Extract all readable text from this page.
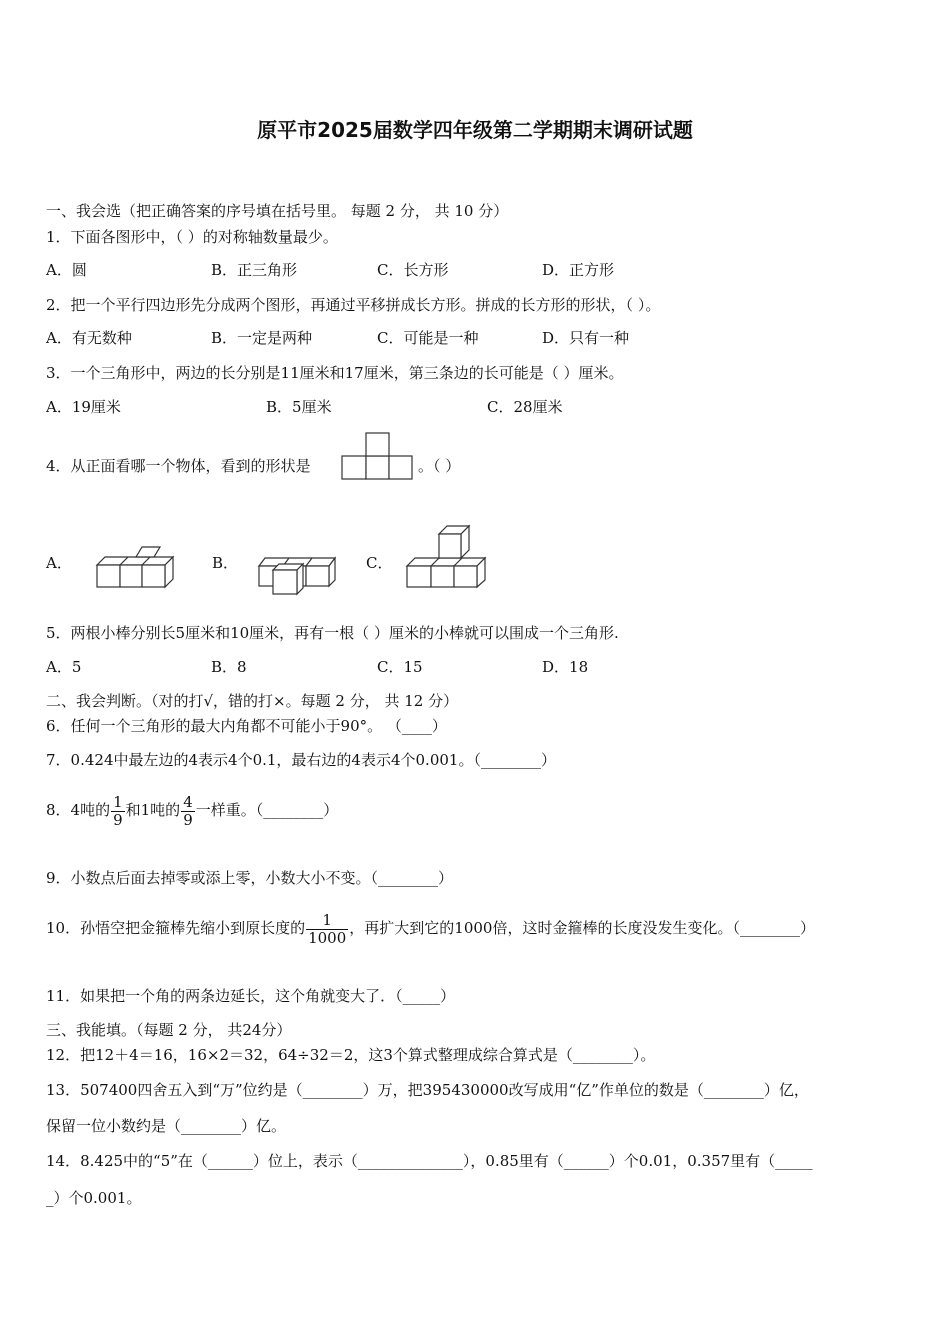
原平市2025届数学四年级第二学期期末调研试题
一、我会选（把正确答案的序号填在括号里。 每题 2 分， 共 10 分）
1．下面各图形中，（ ）的对称轴数量最少。
A．圆	B．正三角形	C．长方形	D．正方形
2．把一个平行四边形先分成两个图形，再通过平移拼成长方形。拼成的长方形的形状，（ ）。
A．有无数种	B．一定是两种	C．可能是一种	D．只有一种
3．一个三角形中，两边的长分别是11厘米和17厘米，第三条边的长可能是（ ）厘米。
A．19厘米	B．5厘米	C．28厘米
4．从正面看哪一个物体，看到的形状是	。（ ）
A．	B．	C．
5．两根小棒分别长5厘米和10厘米，再有一根（ ）厘米的小棒就可以围成一个三角形.
A．5	B．8	C．15	D．18
二、我会判断。（对的打√，错的打×。每题 2 分， 共 12 分）
6．任何一个三角形的最大内角都不可能小于90°。 （____）
7．0.424中最左边的4表示4个0.1，最右边的4表示4个0.001。（________）
8．4吨的 $\frac{1}{9}$ 和1吨的 $\frac{4}{9}$ 一样重。（________）
9．小数点后面去掉零或添上零，小数大小不变。（________）
10．孙悟空把金箍棒先缩小到原长度的 $\frac{1}{1000}$ ，再扩大到它的1000倍，这时金箍棒的长度没发生变化。（________）
11．如果把一个角的两条边延长，这个角就变大了．（_____）
三、我能填。（每题 2 分， 共24分）
12．把12＋4＝16，16×2＝32，64÷32＝2，这3个算式整理成综合算式是（________）。
13．507400四舍五入到“万”位约是（________）万，把395430000改写成用“亿”作单位的数是（________）亿，
保留一位小数约是（________）亿。
14．8.425中的“5”在（______）位上，表示（______________），0.85里有（______）个0.01，0.357里有（_____
_）个0.001。
